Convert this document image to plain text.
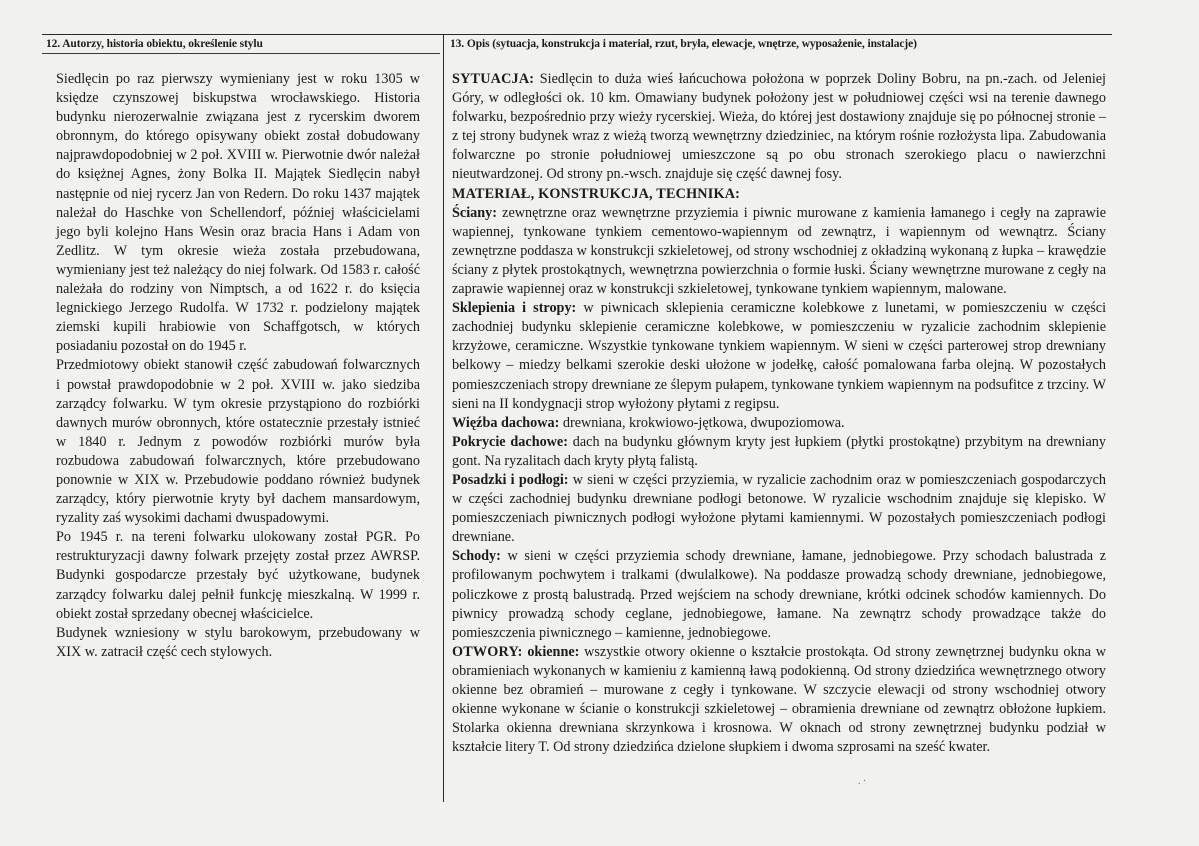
12. Autorzy, historia obiektu, określenie stylu	13. Opis (sytuacja, konstrukcja i materiał, rzut, bryła, elewacje, wnętrze, wyposażenie, instalacje)

Siedlęcin po raz pierwszy wymieniany jest w roku 1305 w księdze czynszowej biskupstwa wrocławskiego. Historia budynku nierozerwalnie związana jest z rycerskim dworem obronnym, do którego opisywany obiekt został dobudowany najprawdopodobniej w 2 poł. XVIII w. Pierwotnie dwór należał do księżnej Agnes, żony Bolka II. Majątek Siedlęcin nabył następnie od niej rycerz Jan von Redern. Do roku 1437 majątek należał do Haschke von Schellendorf, później właścicielami jego byli kolejno Hans Wesin oraz bracia Hans i Adam von Zedlitz. W tym okresie wieża została przebudowana, wymieniany jest też należący do niej folwark. Od 1583 r. całość należała do rodziny von Nimptsch, a od 1622 r. do księcia legnickiego Jerzego Rudolfa. W 1732 r. podzielony majątek ziemski kupili hrabiowie von Schaffgotsch, w których posiadaniu pozostał on do 1945 r.

Przedmiotowy obiekt stanowił część zabudowań folwarcznych i powstał prawdopodobnie w 2 poł. XVIII w. jako siedziba zarządcy folwarku. W tym okresie przystąpiono do rozbiórki dawnych murów obronnych, które ostatecznie przestały istnieć w 1840 r. Jednym z powodów rozbiórki murów była rozbudowa zabudowań folwarcznych, które przebudowano ponownie w XIX w. Przebudowie poddano również budynek zarządcy, który pierwotnie kryty był dachem mansardowym, ryzality zaś wysokimi dachami dwuspadowymi.

Po 1945 r. na tereni folwarku ulokowany został PGR. Po restrukturyzacji dawny folwark przejęty został przez AWRSP. Budynki gospodarcze przestały być użytkowane, budynek zarządcy folwarku dalej pełnił funkcję mieszkalną. W 1999 r. obiekt został sprzedany obecnej właścicielce.

Budynek wzniesiony w stylu barokowym, przebudowany w XIX w. zatracił część cech stylowych.

SYTUACJA: Siedlęcin to duża wieś łańcuchowa położona w poprzek Doliny Bobru, na pn.-zach. od Jeleniej Góry, w odległości ok. 10 km. Omawiany budynek położony jest w południowej części wsi na terenie dawnego folwarku, bezpośrednio przy wieży rycerskiej. Wieża, do której jest dostawiony znajduje się po północnej stronie – z tej strony budynek wraz z wieżą tworzą wewnętrzny dziedziniec, na którym rośnie rozłożysta lipa. Zabudowania folwarczne po stronie południowej umieszczone są po obu stronach szerokiego placu o nawierzchni nieutwardzonej. Od strony pn.-wsch. znajduje się część dawnej fosy.

MATERIAŁ, KONSTRUKCJA, TECHNIKA:

Ściany: zewnętrzne oraz wewnętrzne przyziemia i piwnic murowane z kamienia łamanego i cegły na zaprawie wapiennej, tynkowane tynkiem cementowo-wapiennym od zewnątrz, i wapiennym od wewnątrz. Ściany zewnętrzne poddasza w konstrukcji szkieletowej, od strony wschodniej z okładziną wykonaną z łupka – krawędzie ściany z płytek prostokątnych, wewnętrzna powierzchnia o formie łuski. Ściany wewnętrzne murowane z cegły na zaprawie wapiennej oraz w konstrukcji szkieletowej, tynkowane tynkiem wapiennym, malowane.

Sklepienia i stropy: w piwnicach sklepienia ceramiczne kolebkowe z lunetami, w pomieszczeniu w części zachodniej budynku sklepienie ceramiczne kolebkowe, w pomieszczeniu w ryzalicie zachodnim sklepienie krzyżowe, ceramiczne. Wszystkie tynkowane tynkiem wapiennym. W sieni w części parterowej strop drewniany belkowy – miedzy belkami szerokie deski ułożone w jodełkę, całość pomalowana farba olejną. W pozostałych pomieszczeniach stropy drewniane ze ślepym pułapem, tynkowane tynkiem wapiennym na podsufitce z trzciny. W sieni na II kondygnacji strop wyłożony płytami z regipsu.

Więźba dachowa: drewniana, krokwiowo-jętkowa, dwupoziomowa.

Pokrycie dachowe: dach na budynku głównym kryty jest łupkiem (płytki prostokątne) przybitym na drewniany gont. Na ryzalitach dach kryty płytą falistą.

Posadzki i podłogi: w sieni w części przyziemia, w ryzalicie zachodnim oraz w pomieszczeniach gospodarczych w części zachodniej budynku drewniane podłogi betonowe. W ryzalicie wschodnim znajduje się klepisko. W pomieszczeniach piwnicznych podłogi wyłożone płytami kamiennymi. W pozostałych pomieszczeniach podłogi drewniane.

Schody: w sieni w części przyziemia schody drewniane, łamane, jednobiegowe. Przy schodach balustrada z profilowanym pochwytem i tralkami (dwulalkowe). Na poddasze prowadzą schody drewniane, jednobiegowe, policzkowe z prostą balustradą. Przed wejściem na schody drewniane, krótki odcinek schodów kamiennych. Do piwnicy prowadzą schody ceglane, jednobiegowe, łamane. Na zewnątrz schody prowadzące także do pomieszczenia piwnicznego – kamienne, jednobiegowe.

OTWORY: okienne: wszystkie otwory okienne o kształcie prostokąta. Od strony zewnętrznej budynku okna w obramieniach wykonanych w kamieniu z kamienną ławą podokienną. Od strony dziedzińca wewnętrznego otwory okienne bez obramień – murowane z cegły i tynkowane. W szczycie elewacji od strony wschodniej otwory okienne wykonane w ścianie o konstrukcji szkieletowej – obramienia drewniane od zewnątrz obłożone łupkiem. Stolarka okienna drewniana skrzynkowa i krosnowa. W oknach od strony zewnętrznej budynku podział w kształcie litery T. Od strony dziedzińca dzielone słupkiem i dwoma szprosami na sześć kwater.

. ·
